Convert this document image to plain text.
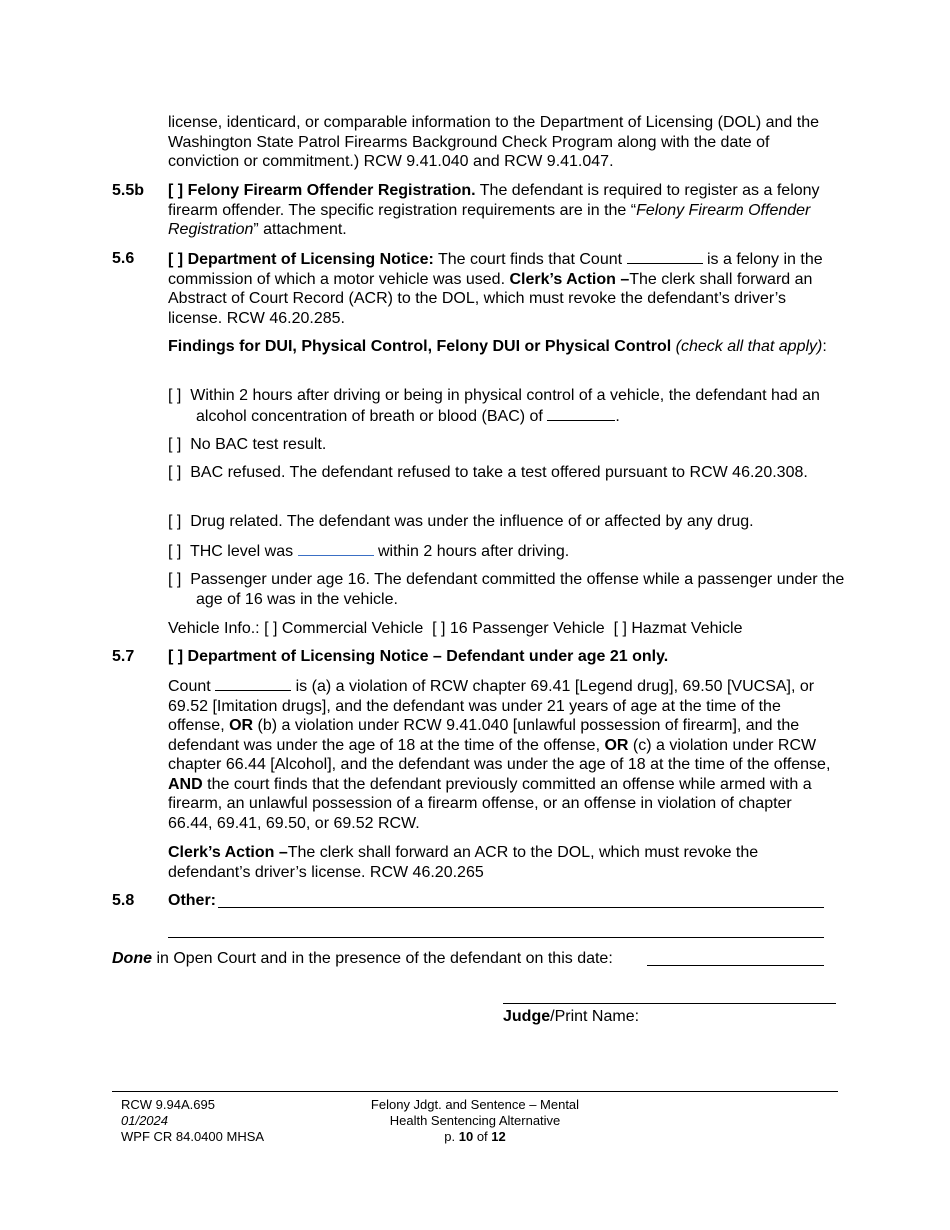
license, identicard, or comparable information to the Department of Licensing (DOL) and the Washington State Patrol Firearms Background Check Program along with the date of conviction or commitment.) RCW 9.41.040 and RCW 9.41.047.

5.5b [ ] Felony Firearm Offender Registration. The defendant is required to register as a felony firearm offender. The specific registration requirements are in the “Felony Firearm Offender Registration” attachment.

5.6 [ ] Department of Licensing Notice: The court finds that Count	is a felony in the commission of which a motor vehicle was used. Clerk’s Action –The clerk shall forward an Abstract of Court Record (ACR) to the DOL, which must revoke the defendant’s driver’s license. RCW 46.20.285.

Findings for DUI, Physical Control, Felony DUI or Physical Control (check all that apply):

[ ] Within 2 hours after driving or being in physical control of a vehicle, the defendant had an alcohol concentration of breath or blood (BAC) of	.

[ ] No BAC test result.

[ ] BAC refused. The defendant refused to take a test offered pursuant to RCW 46.20.308.

[ ] Drug related. The defendant was under the influence of or affected by any drug.

[ ] THC level was	within 2 hours after driving.

[ ] Passenger under age 16. The defendant committed the offense while a passenger under the age of 16 was in the vehicle.

Vehicle Info.: [ ] Commercial Vehicle  [ ] 16 Passenger Vehicle  [ ] Hazmat Vehicle

5.7 [ ] Department of Licensing Notice – Defendant under age 21 only.

Count	is (a) a violation of RCW chapter 69.41 [Legend drug], 69.50 [VUCSA], or 69.52 [Imitation drugs], and the defendant was under 21 years of age at the time of the offense, OR (b) a violation under RCW 9.41.040 [unlawful possession of firearm], and the defendant was under the age of 18 at the time of the offense, OR (c) a violation under RCW chapter 66.44 [Alcohol], and the defendant was under the age of 18 at the time of the offense, AND the court finds that the defendant previously committed an offense while armed with a firearm, an unlawful possession of a firearm offense, or an offense in violation of chapter 66.44, 69.41, 69.50, or 69.52 RCW.

Clerk’s Action –The clerk shall forward an ACR to the DOL, which must revoke the defendant’s driver’s license. RCW 46.20.265

5.8 Other:

Done in Open Court and in the presence of the defendant on this date:

Judge/Print Name:

RCW 9.94A.695
01/2024
WPF CR 84.0400 MHSA
Felony Jdgt. and Sentence – Mental
Health Sentencing Alternative
p. 10 of 12
